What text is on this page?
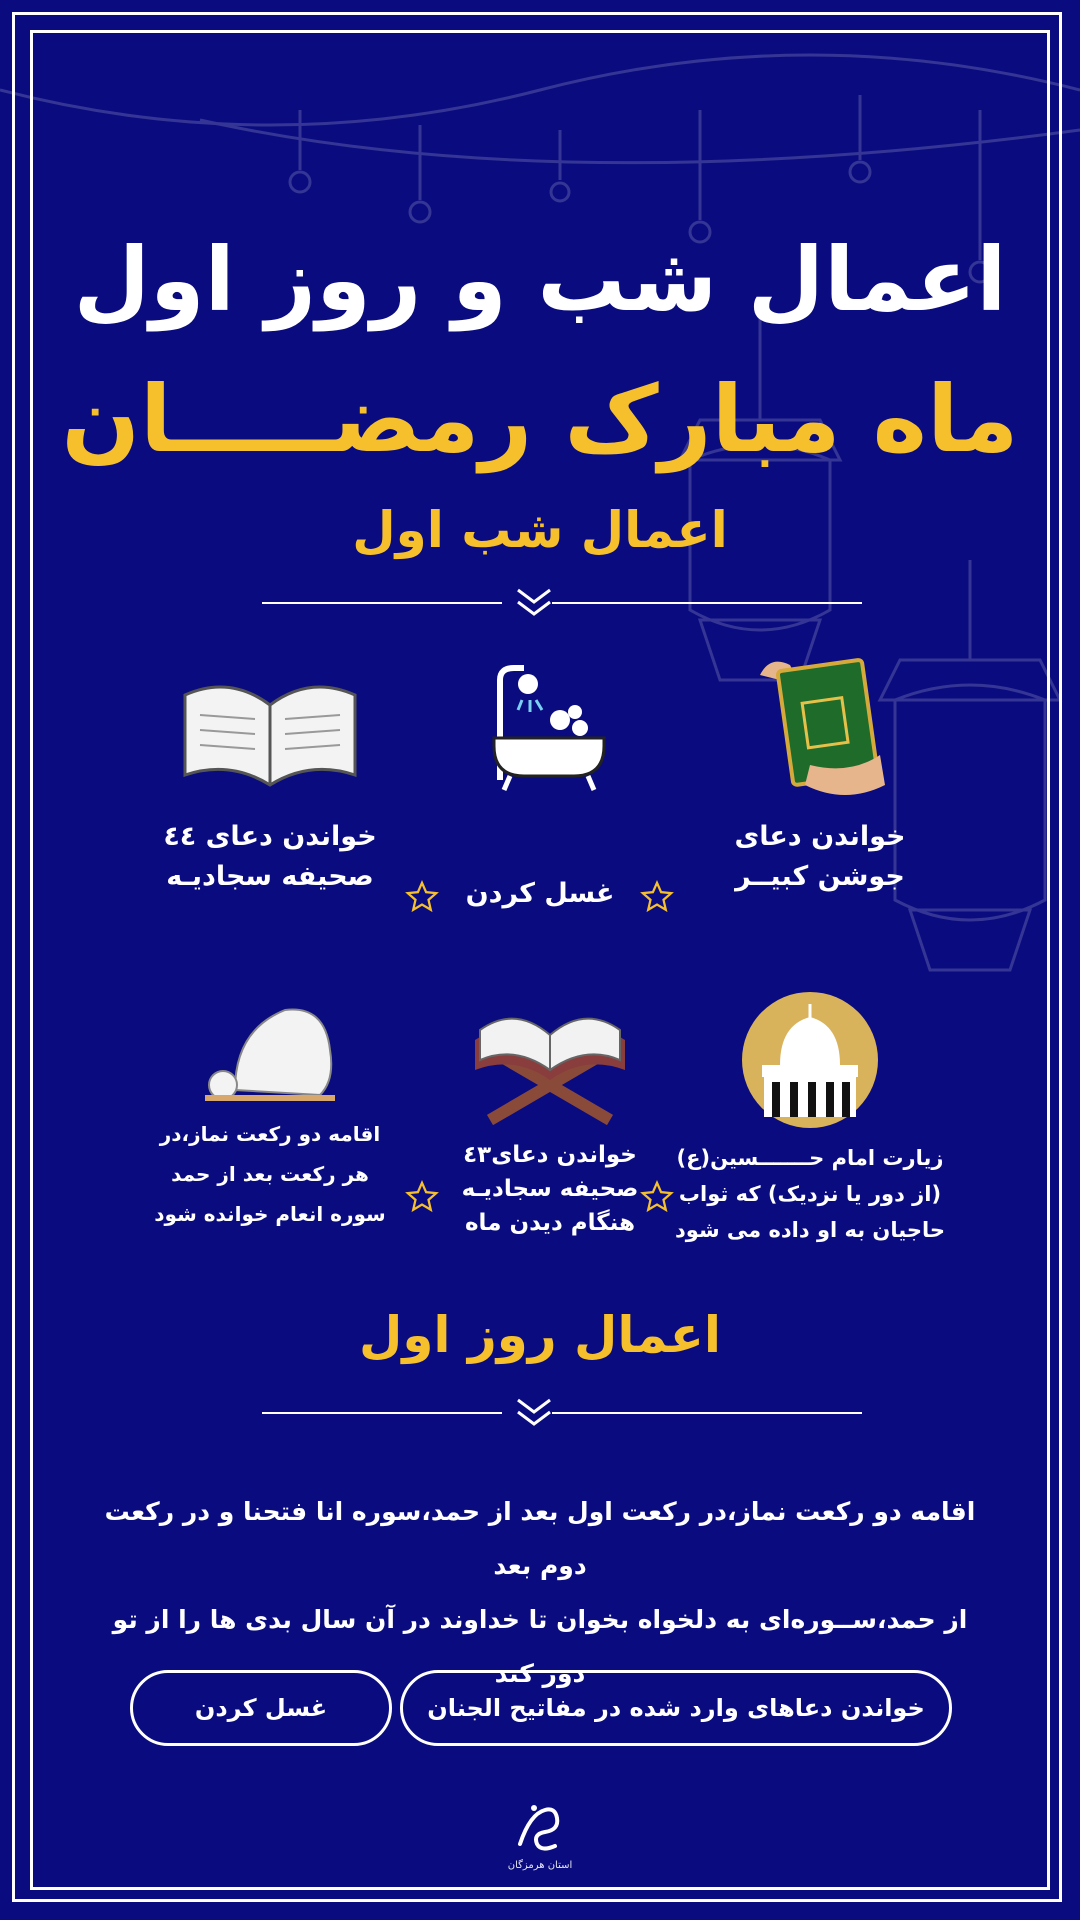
اعمال شب و روز اول
ماه مبارک رمضـــــان
اعمال شب اول
خواندن دعای
جوشن کبیــر
غسل کردن
خواندن دعای ٤٤
صحیفه سجادیـه
زیارت امام حـــــــسین(ع)
(از دور یا نزدیک) که ثواب
حاجیان به او داده می شود
خواندن دعای٤٣
صحیفه سجادیـه
هنگام دیدن ماه
اقامه دو رکعت نماز،در
هر رکعت بعد از حمد
سوره انعام خوانده شود
اعمال روز اول
اقامه دو رکعت نماز،در رکعت اول بعد از حمد،سوره انا فتحنا و در رکعت دوم بعد
از حمد،ســوره‌ای به دلخواه بخوان تا خداوند در آن سال بدی ها را از تو دور کند
خواندن دعاهای وارد شده در مفاتیح الجنان
غسل کردن
استان هرمزگان
